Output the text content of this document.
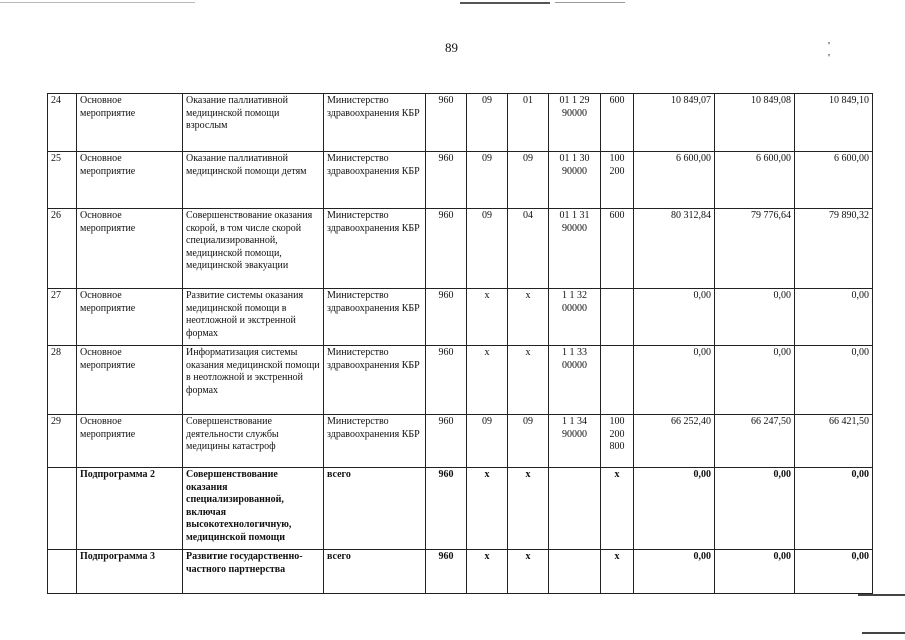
89	' '
24	Основное мероприятие	Оказание паллиативной медицинской помощи взрослым	Министерство здравоохранения КБР	960	09	01	01 1 29 90000	600	10 849,07	10 849,08	10 849,10
25	Основное мероприятие	Оказание паллиативной медицинской помощи детям	Министерство здравоохранения КБР	960	09	09	01 1 30 90000	100 200	6 600,00	6 600,00	6 600,00
26	Основное мероприятие	Совершенствование оказания скорой, в том числе скорой специализированной, медицинской помощи, медицинской эвакуации	Министерство здравоохранения КБР	960	09	04	01 1 31 90000	600	80 312,84	79 776,64	79 890,32
27	Основное мероприятие	Развитие системы оказания медицинской помощи в неотложной и экстренной формах	Министерство здравоохранения КБР	960	х	х	1 1 32 00000		0,00	0,00	0,00
28	Основное мероприятие	Информатизация системы оказания медицинской помощи в неотложной и экстренной формах	Министерство здравоохранения КБР	960	х	х	1 1 33 00000		0,00	0,00	0,00
29	Основное мероприятие	Совершенствование деятельности службы медицины катастроф	Министерство здравоохранения КБР	960	09	09	1 1 34 90000	100 200 800	66 252,40	66 247,50	66 421,50
	Подпрограмма 2	Совершенствование оказания специализированной, включая высокотехнологичную, медицинской помощи	всего	960	х	х		х	0,00	0,00	0,00
	Подпрограмма 3	Развитие государственно-частного партнерства	всего	960	х	х		х	0,00	0,00	0,00
